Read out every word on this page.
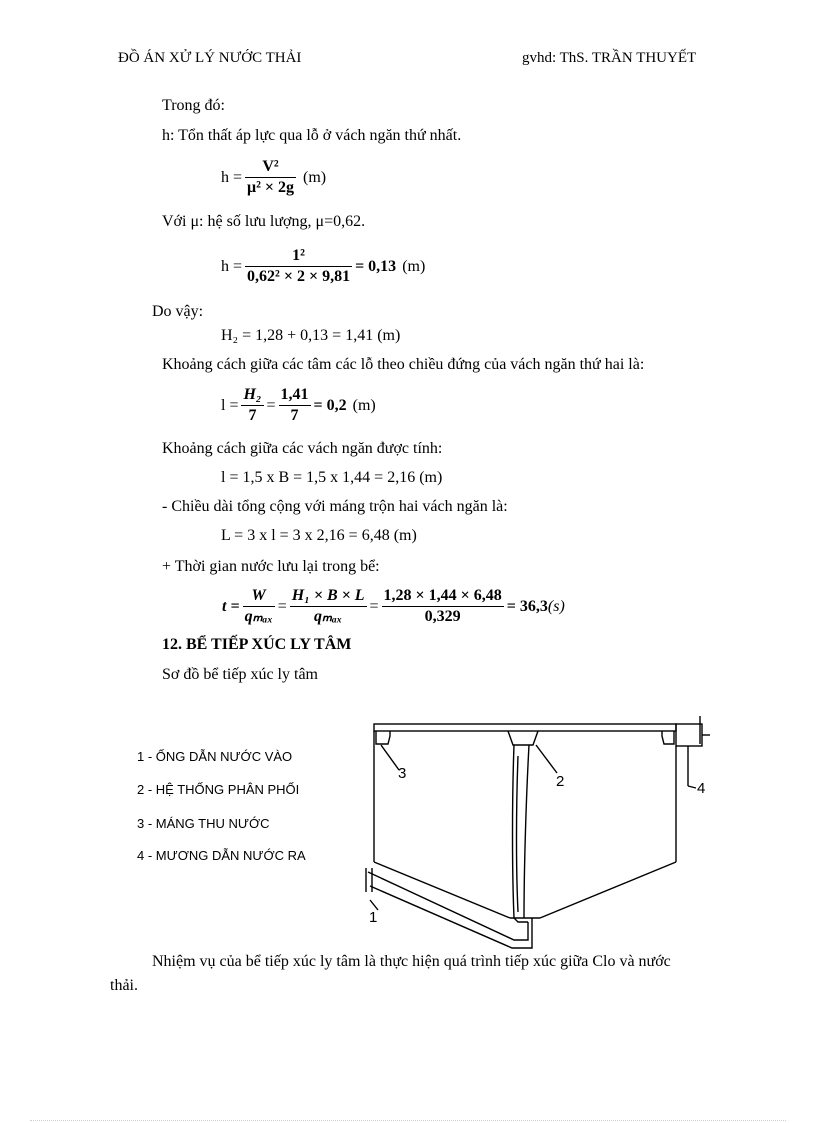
ĐỒ ÁN XỬ LÝ NƯỚC THẢI	gvhd: ThS. TRẦN THUYẾT
Trong đó:
h: Tổn thất áp lực qua lỗ ở vách ngăn thứ nhất.
$h = \frac{\text{V²}}{\text{μ² × 2g}} (m)$
Với μ: hệ số lưu lượng, μ=0,62.
$h = \frac{\text{1²}}{\text{0,62² × 2 × 9,81}} = 0,13$ (m)
Do vậy:
H₂ = 1,28 + 0,13 = 1,41 (m)
Khoảng cách giữa các tâm các lỗ theo chiều đứng của vách ngăn thứ hai là:
$l = \frac{\text{H₂}}{7} = \frac{1,41}{7} = 0,2$ (m)
Khoảng cách giữa các vách ngăn được tính:
l = 1,5 x B = 1,5 x 1,44 = 2,16 (m)
- Chiều dài tổng cộng với máng trộn hai vách ngăn là:
L = 3 x l = 3 x 2,16 = 6,48 (m)
+ Thời gian nước lưu lại trong bể:
$t = \frac{W}{\text{qₘₐₓ}} = \frac{\text{H₁ × B × L}}{\text{qₘₐₓ}} = \frac{1,28 \times 1,44 \times 6,48}{0,329} = 36,3$ (s)
12. BỂ TIẾP XÚC LY TÂM
Sơ đồ bể tiếp xúc ly tâm
1 - ỐNG DẪN NƯỚC VÀO
2 - HỆ THỐNG PHÂN PHỐI
3 - MÁNG THU NƯỚC
4 - MƯƠNG DẪN NƯỚC RA
3	2	4
1
Nhiệm vụ của bể tiếp xúc ly tâm là thực hiện quá trình tiếp xúc giữa Clo và nước
thải.
